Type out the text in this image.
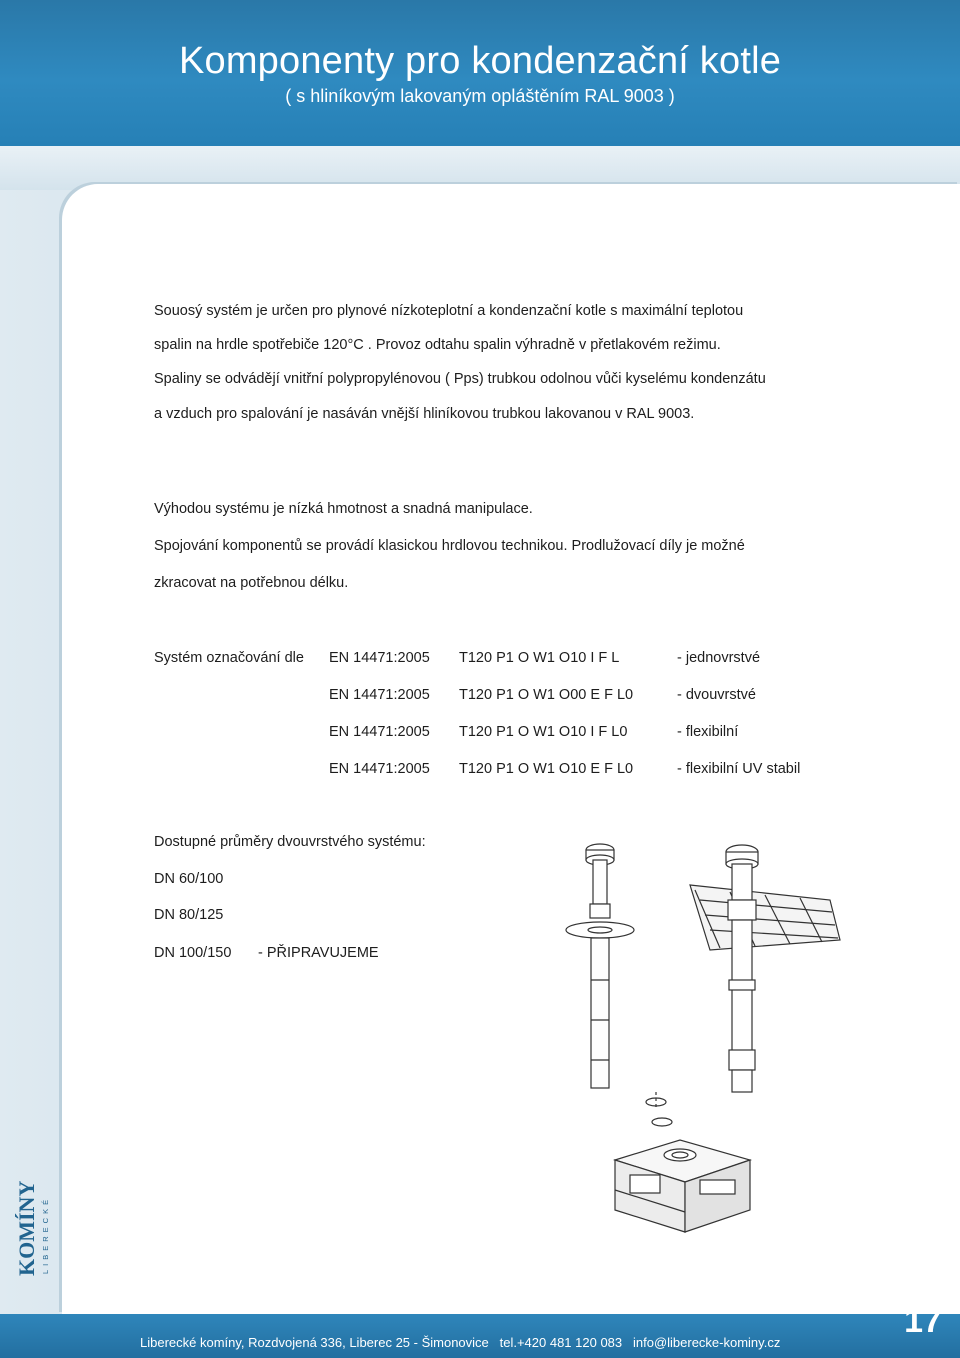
Komponenty pro kondenzační kotle
( s hliníkovým lakovaným opláštěním RAL 9003 )
Souosý systém je určen pro plynové nízkoteplotní a kondenzační kotle s maximální teplotou
spalin na hrdle spotřebiče 120°C . Provoz odtahu spalin výhradně v přetlakovém režimu.
Spaliny se odvádějí vnitřní polypropylénovou ( Pps) trubkou odolnou vůči kyselému kondenzátu
a vzduch pro spalování je nasáván vnější hliníkovou trubkou lakovanou v RAL 9003.
Výhodou systému je nízká hmotnost a snadná manipulace.
Spojování komponentů se provádí klasickou hrdlovou technikou. Prodlužovací díly je možné
zkracovat na potřebnou délku.
Systém označování dle EN 14471:2005 T120 P1 O W1 O10 I F L	- jednovrstvé
EN 14471:2005 T120 P1 O W1 O00 E F L0	- dvouvrstvé
EN 14471:2005 T120 P1 O W1 O10 I F L0	- flexibilní
EN 14471:2005 T120 P1 O W1 O10 E F L0	- flexibilní UV stabil
Dostupné průměry dvouvrstvého systému:
DN 60/100
DN 80/125
DN 100/150 - PŘIPRAVUJEME
KOMÍNY LIBERECKÉ
Liberecké komíny, Rozdvojená 336, Liberec 25 - Šimonovice   tel.+420 481 120 083   info@liberecke-kominy.cz
17
